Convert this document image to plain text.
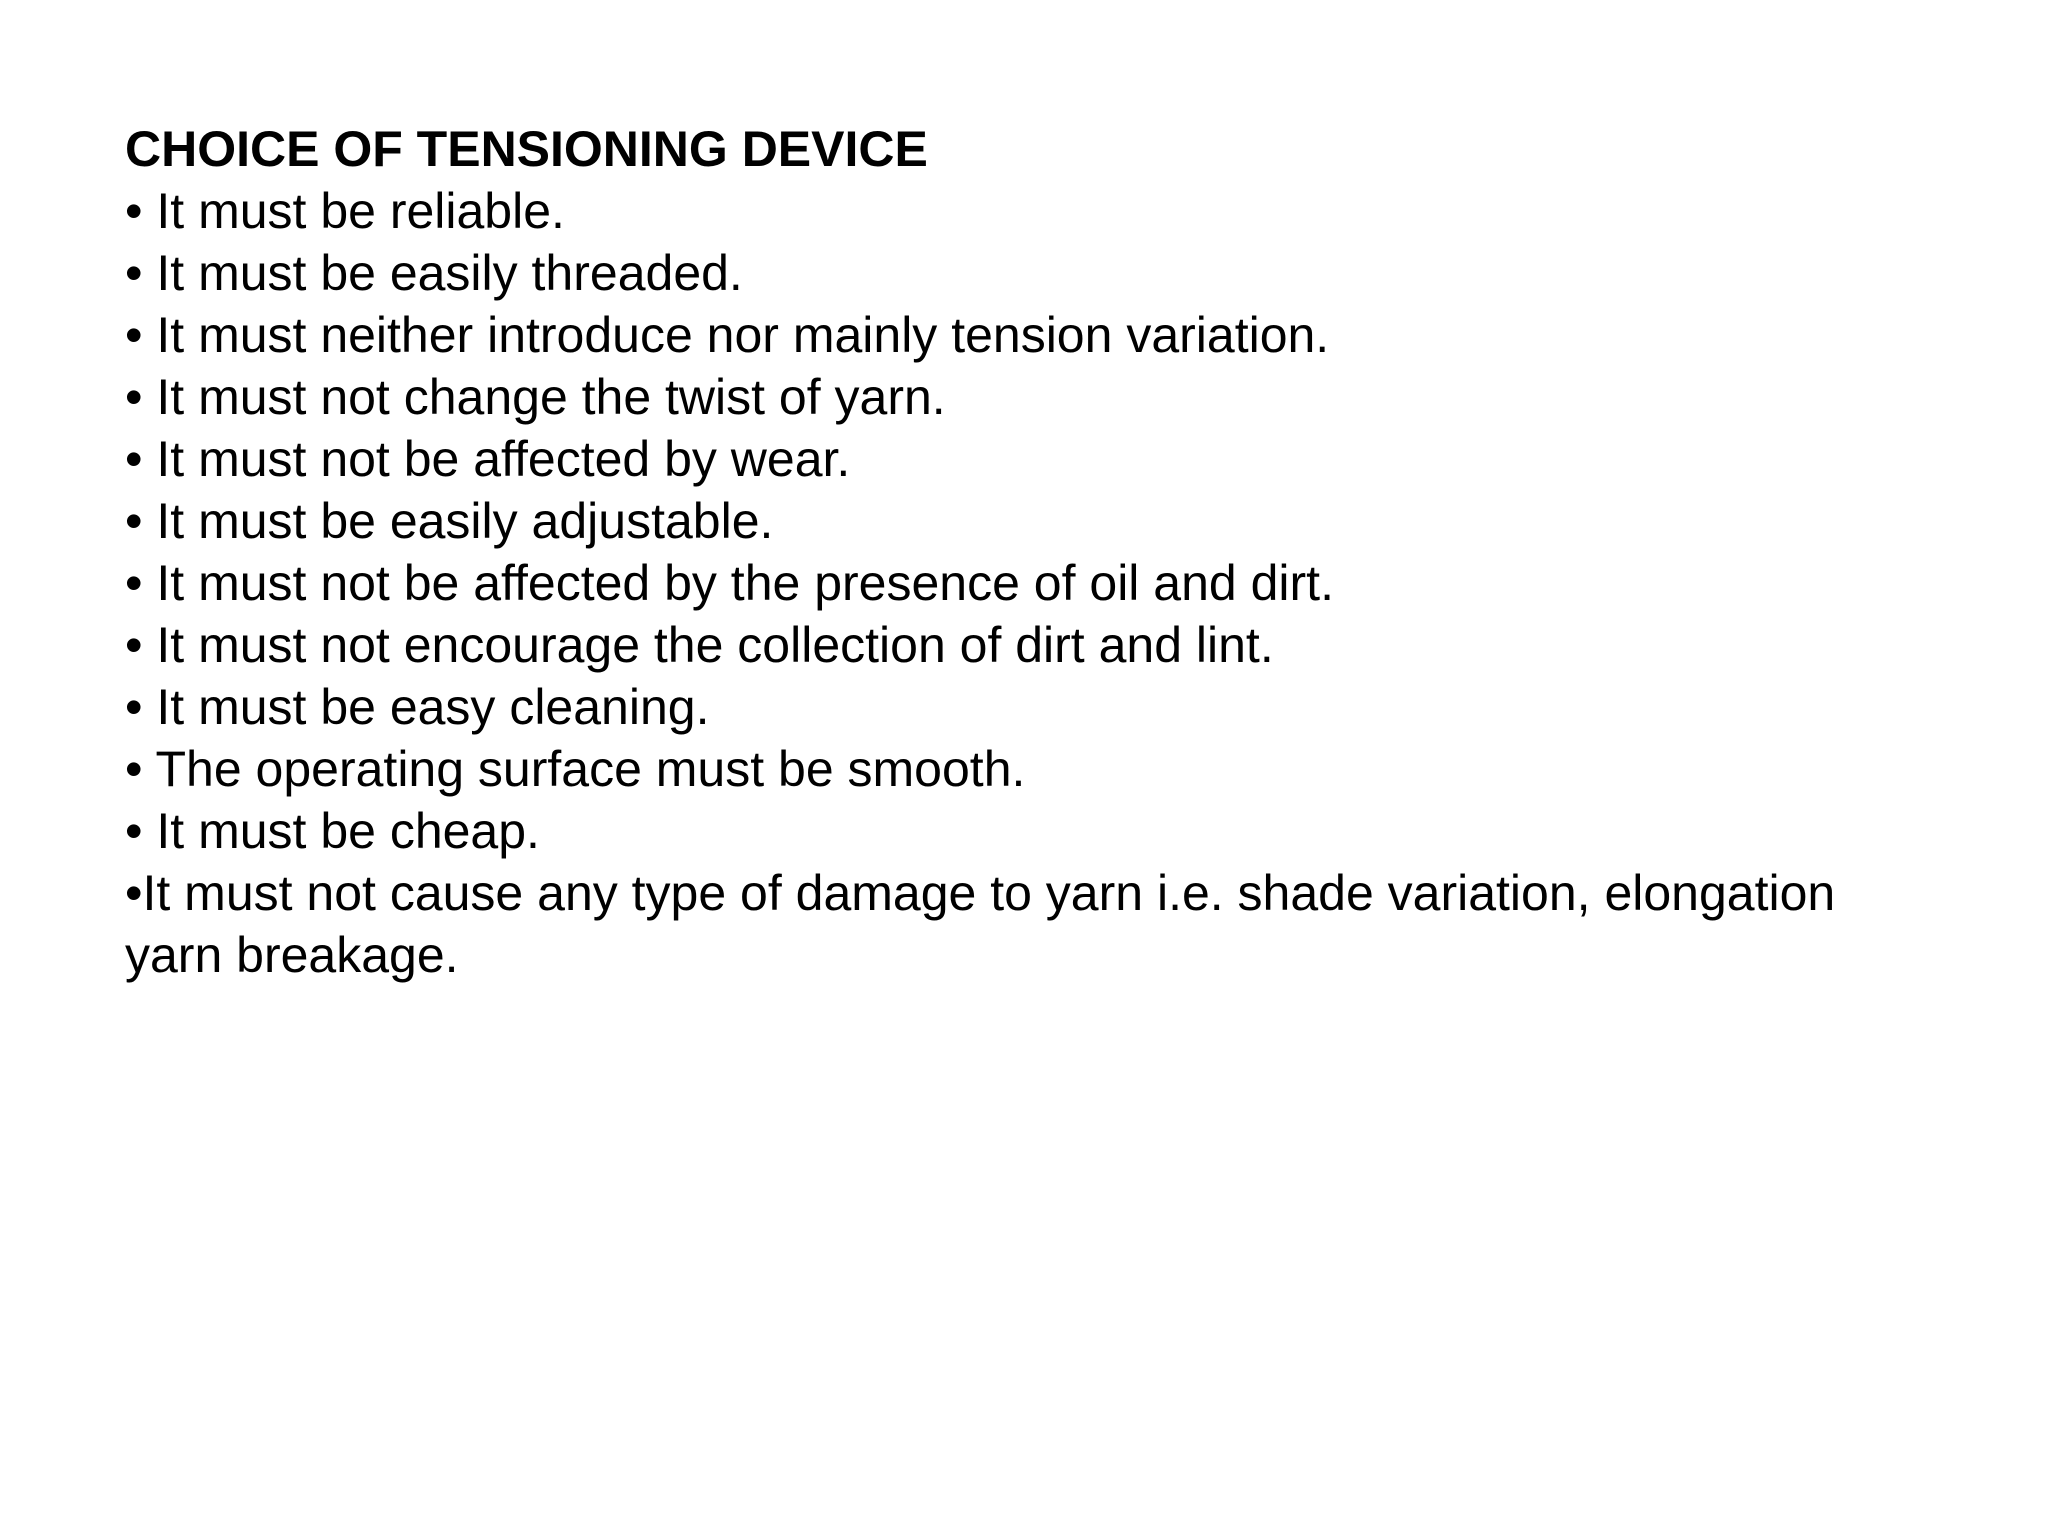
CHOICE OF TENSIONING DEVICE
• It must be reliable.
• It must be easily threaded.
• It must neither introduce nor mainly tension variation.
• It must not change the twist of yarn.
• It must not be affected by wear.
• It must be easily adjustable.
• It must not be affected by the presence of oil and dirt.
• It must not encourage the collection of dirt and lint.
• It must be easy cleaning.
• The operating surface must be smooth.
• It must be cheap.
•It must not cause any type of damage to yarn i.e. shade variation, elongation yarn breakage.
